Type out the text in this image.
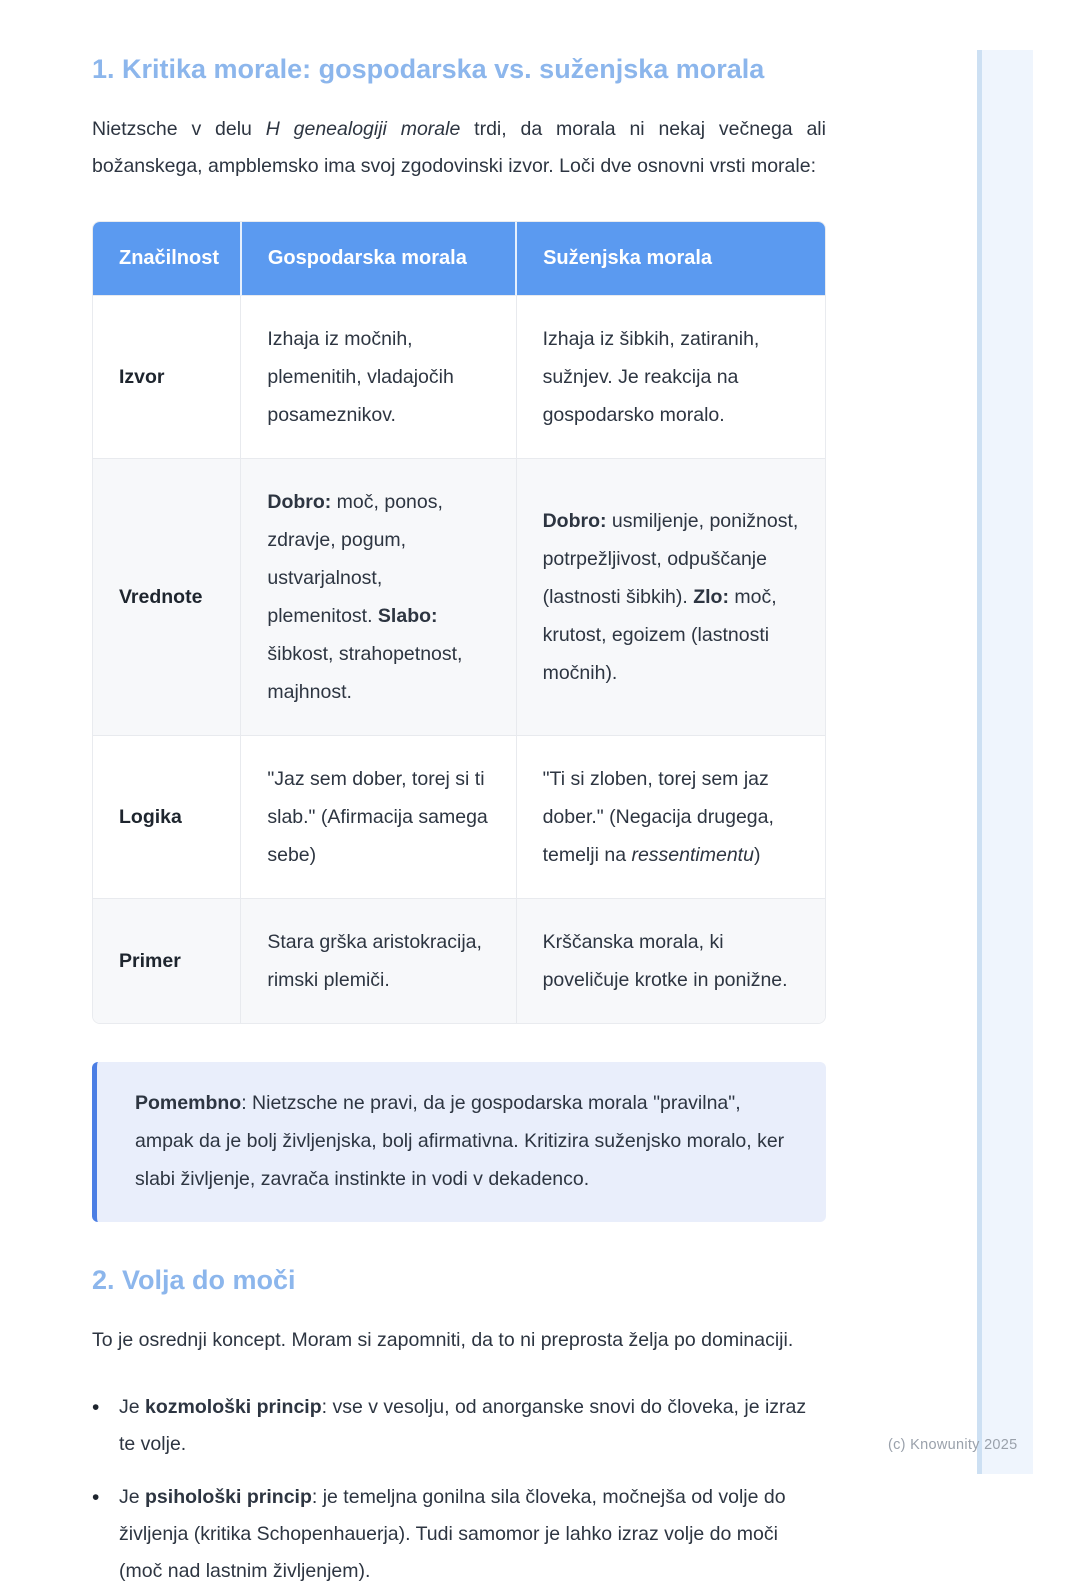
(c) Knowunity 2025
1. Kritika morale: gospodarska vs. suženjska morala

Nietzsche v delu H genealogiji morale trdi, da morala ni nekaj večnega ali božanskega, ampblemsko ima svoj zgodovinski izvor. Loči dve osnovni vrsti morale:

Značilnost	Gospodarska morala	Suženjska morala
Izvor	Izhaja iz močnih, plemenitih, vladajočih posameznikov.	Izhaja iz šibkih, zatiranih, sužnjev. Je reakcija na gospodarsko moralo.
Vrednote	Dobro: moč, ponos, zdravje, pogum, ustvarjalnost, plemenitost. Slabo: šibkost, strahopetnost, majhnost.	Dobro: usmiljenje, ponižnost, potrpežljivost, odpuščanje (lastnosti šibkih). Zlo: moč, krutost, egoizem (lastnosti močnih).
Logika	"Jaz sem dober, torej si ti slab." (Afirmacija samega sebe)	"Ti si zloben, torej sem jaz dober." (Negacija drugega, temelji na ressentimentu)
Primer	Stara grška aristokracija, rimski plemiči.	Krščanska morala, ki poveličuje krotke in ponižne.

Pomembno: Nietzsche ne pravi, da je gospodarska morala "pravilna", ampak da je bolj življenjska, bolj afirmativna. Kritizira suženjsko moralo, ker slabi življenje, zavrača instinkte in vodi v dekadenco.

2. Volja do moči

To je osrednji koncept. Moram si zapomniti, da to ni preprosta želja po dominaciji.

• Je kozmološki princip: vse v vesolju, od anorganske snovi do človeka, je izraz te volje.
• Je psihološki princip: je temeljna gonilna sila človeka, močnejša od volje do življenja (kritika Schopenhauerja). Tudi samomor je lahko izraz volje do moči (moč nad lastnim življenjem).
